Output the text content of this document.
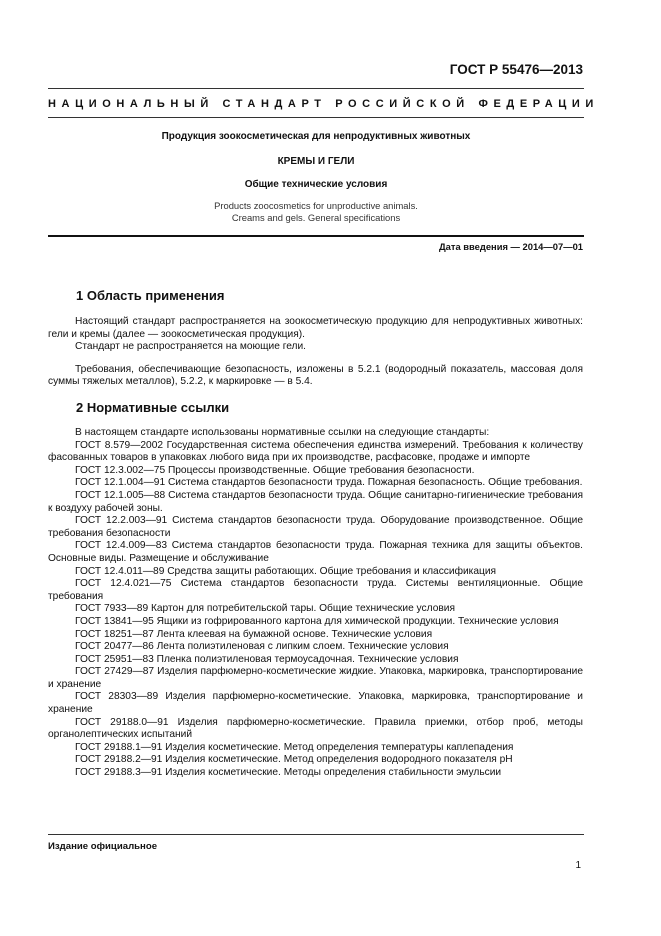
ГОСТ Р 55476—2013
НАЦИОНАЛЬНЫЙ СТАНДАРТ РОССИЙСКОЙ ФЕДЕРАЦИИ
Продукция зоокосметическая для непродуктивных животных
КРЕМЫ И ГЕЛИ
Общие технические условия
Products zoocosmetics for unproductive animals.
Creams and gels. General specifications
Дата введения — 2014—07—01
1 Область применения

Настоящий стандарт распространяется на зоокосметическую продукцию для непродуктивных животных: гели и кремы (далее — зоокосметическая продукция).

Стандарт не распространяется на моющие гели.

Требования, обеспечивающие безопасность, изложены в 5.2.1 (водородный показатель, массовая доля суммы тяжелых металлов), 5.2.2, к маркировке — в 5.4.

2 Нормативные ссылки

В настоящем стандарте использованы нормативные ссылки на следующие стандарты:

ГОСТ 8.579—2002 Государственная система обеспечения единства измерений. Требования к количеству фасованных товаров в упаковках любого вида при их производстве, расфасовке, продаже и импорте

ГОСТ 12.3.002—75 Процессы производственные. Общие требования безопасности.

ГОСТ 12.1.004—91 Система стандартов безопасности труда. Пожарная безопасность. Общие требования.

ГОСТ 12.1.005—88 Система стандартов безопасности труда. Общие санитарно-гигиенические требования к воздуху рабочей зоны.

ГОСТ 12.2.003—91 Система стандартов безопасности труда. Оборудование производственное. Общие требования безопасности

ГОСТ 12.4.009—83 Система стандартов безопасности труда. Пожарная техника для защиты объектов. Основные виды. Размещение и обслуживание

ГОСТ 12.4.011—89 Средства защиты работающих. Общие требования и классификация

ГОСТ 12.4.021—75 Система стандартов безопасности труда. Системы вентиляционные. Общие требования

ГОСТ 7933—89 Картон для потребительской тары. Общие технические условия

ГОСТ 13841—95 Ящики из гофрированного картона для химической продукции. Технические условия

ГОСТ 18251—87 Лента клеевая на бумажной основе. Технические условия

ГОСТ 20477—86 Лента полиэтиленовая с липким слоем. Технические условия

ГОСТ 25951—83 Пленка полиэтиленовая термоусадочная. Технические условия

ГОСТ 27429—87 Изделия парфюмерно-косметические жидкие. Упаковка, маркировка, транспортирование и хранение

ГОСТ 28303—89 Изделия парфюмерно-косметические. Упаковка, маркировка, транспортирование и хранение

ГОСТ 29188.0—91 Изделия парфюмерно-косметические. Правила приемки, отбор проб, методы органолептических испытаний

ГОСТ 29188.1—91 Изделия косметические. Метод определения температуры каплепадения

ГОСТ 29188.2—91 Изделия косметические. Метод определения водородного показателя pH

ГОСТ 29188.3—91 Изделия косметические. Методы определения стабильности эмульсии

Издание официальное
1
